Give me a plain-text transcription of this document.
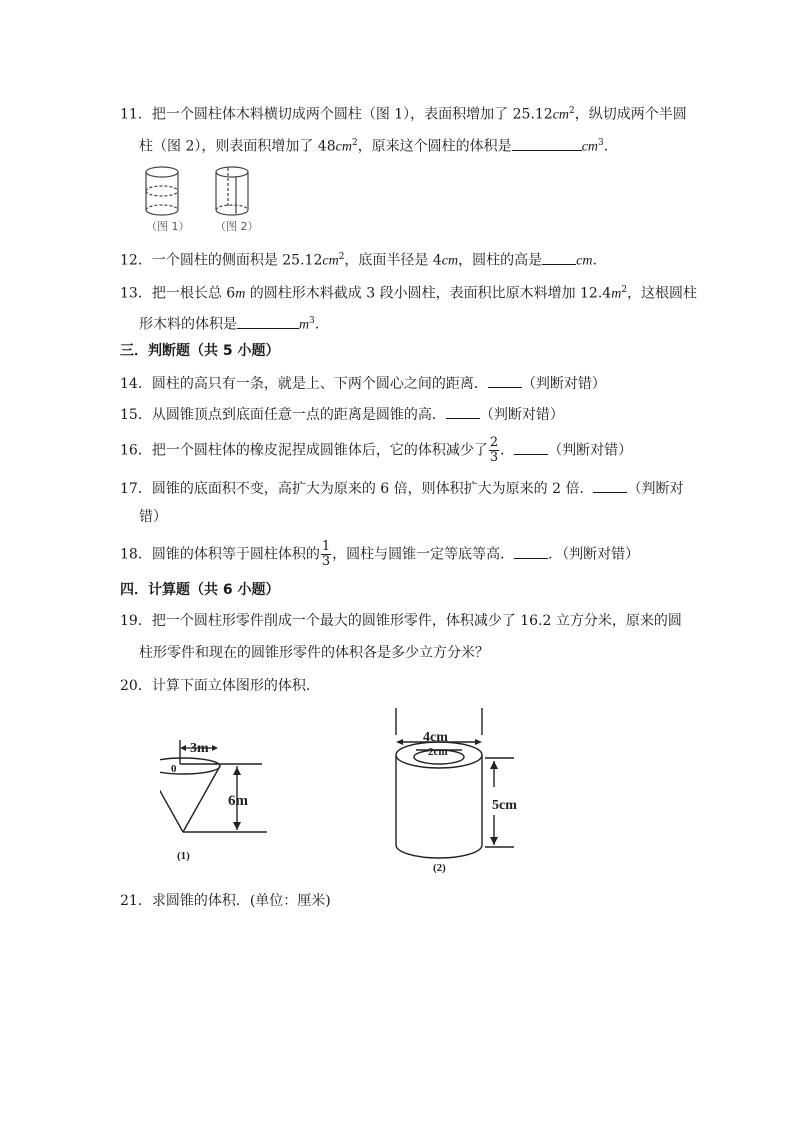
11．把一个圆柱体木料横切成两个圆柱（图 1），表面积增加了 $25.12cm^2$，纵切成两个半圆
柱（图 2），则表面积增加了 $48cm^2$，原来这个圆柱的体积是	$cm^3$.
（图 1） （图 2）
12．一个圆柱的侧面积是 $25.12cm^2$，底面半径是 4cm，圆柱的高是 cm.
13．把一根长总 6m 的圆柱形木料截成 3 段小圆柱，表面积比原木料增加 $12.4m^2$，这根圆柱
形木料的体积是	$m^3$.
三．判断题（共 5 小题）
14．圆柱的高只有一条，就是上、下两个圆心之间的距离． （判断对错）
15．从圆锥顶点到底面任意一点的距离是圆锥的高． （判断对错）
16．把一个圆柱体的橡皮泥捏成圆锥体后，它的体积减少了 $\frac{2}{3}$ ． （判断对错）
17．圆锥的底面积不变，高扩大为原来的 6 倍，则体积扩大为原来的 2 倍． （判断对
错）
18．圆锥的体积等于圆柱体积的 $\frac{1}{3}$ ，圆柱与圆锥一定等底等高． ．（判断对错）
四．计算题（共 6 小题）
19．把一个圆柱形零件削成一个最大的圆锥形零件，体积减少了 16.2 立方分米，原来的圆
柱形零件和现在的圆锥形零件的体积各是多少立方分米？
20．计算下面立体图形的体积．
3m
0
6m
(1)
4cm
2cm
5cm
(2)
21．求圆锥的体积．(单位：厘米)
